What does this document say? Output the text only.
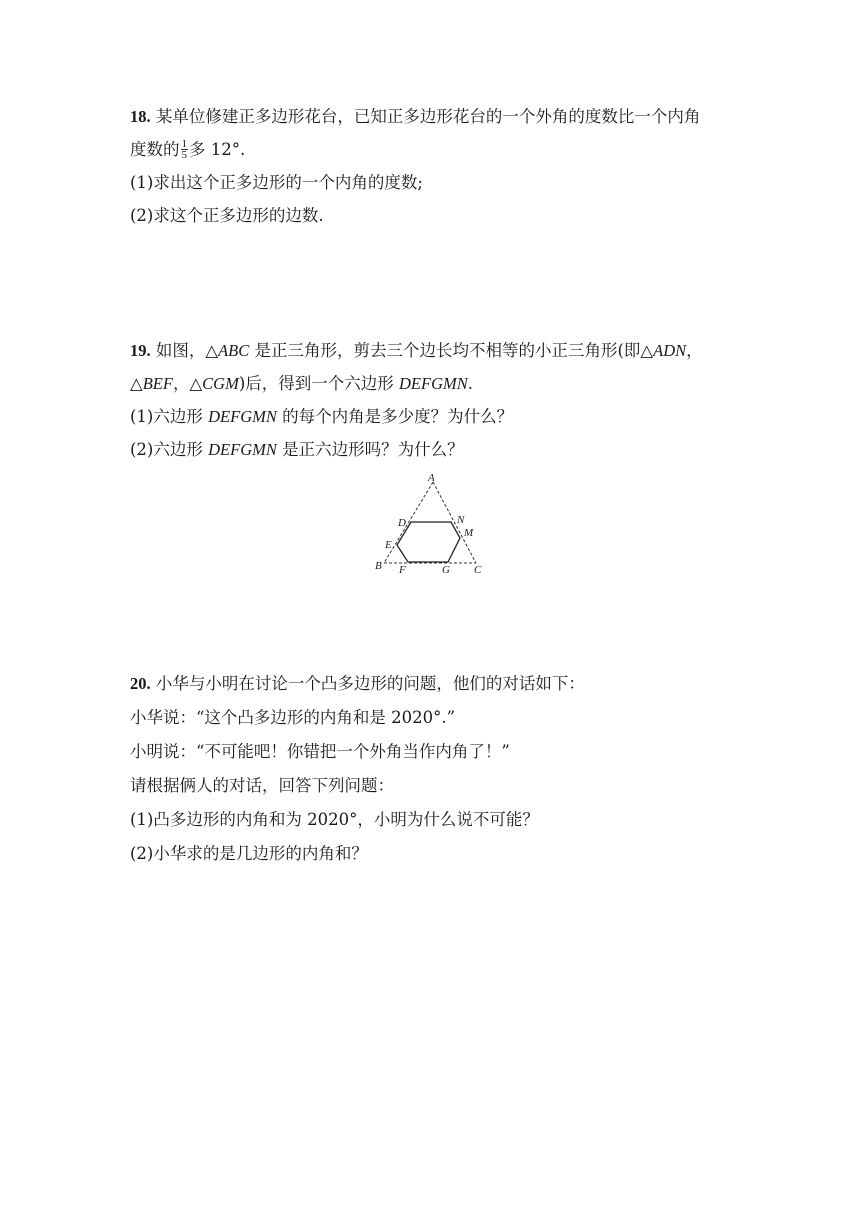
18. 某单位修建正多边形花台，已知正多边形花台的一个外角的度数比一个内角
度数的 $\frac{1}{5}$ 多 12°.
(1)求出这个正多边形的一个内角的度数;
(2)求这个正多边形的边数.
19. 如图，△ABC 是正三角形，剪去三个边长均不相等的小正三角形(即△ADN，
△BEF，△CGM)后，得到一个六边形 DEFGMN.
(1)六边形 DEFGMN 的每个内角是多少度？为什么？
(2)六边形 DEFGMN 是正六边形吗？为什么？
A
B	C
D
E
F	G
M
N
20. 小华与小明在讨论一个凸多边形的问题，他们的对话如下：
小华说：“这个凸多边形的内角和是 2020°.”
小明说：“不可能吧！你错把一个外角当作内角了！”
请根据俩人的对话，回答下列问题：
(1)凸多边形的内角和为 2020°，小明为什么说不可能？
(2)小华求的是几边形的内角和？
